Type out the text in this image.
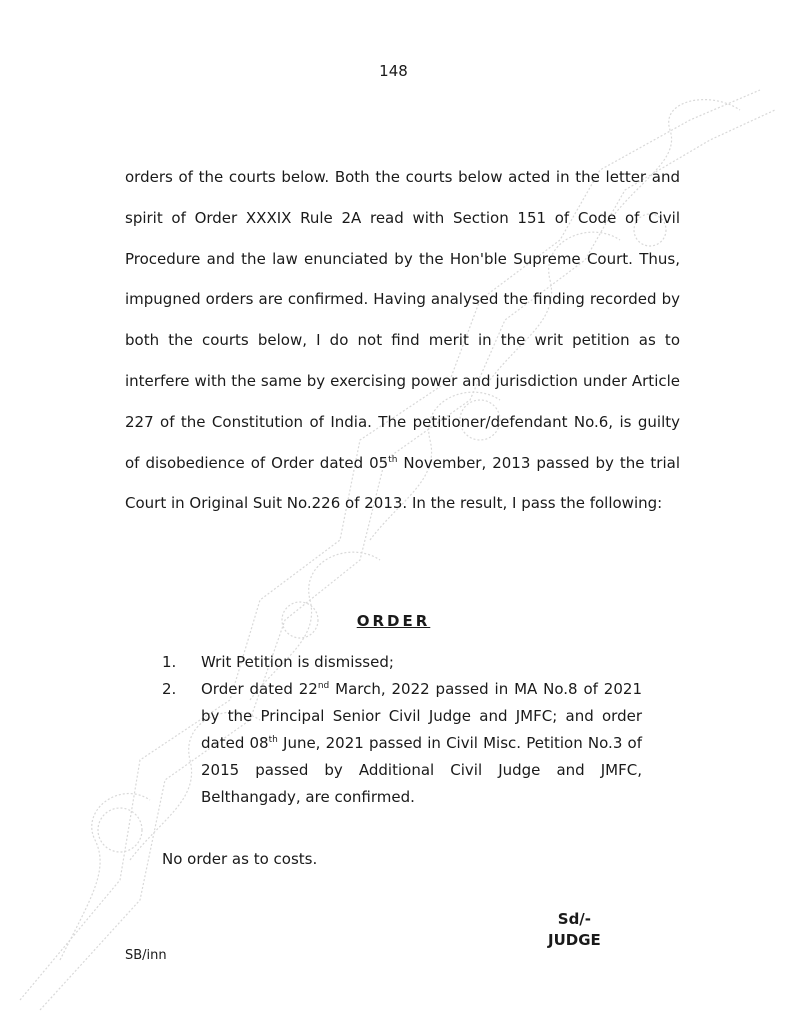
148
orders of the courts below. Both the courts below acted in the letter and spirit of Order XXXIX Rule 2A read with Section 151 of Code of Civil Procedure and the law enunciated by the Hon'ble Supreme Court. Thus, impugned orders are confirmed. Having analysed the finding recorded by both the courts below, I do not find merit in the writ petition as to interfere with the same by exercising power and jurisdiction under Article 227 of the Constitution of India. The petitioner/defendant No.6, is guilty of disobedience of Order dated 05th November, 2013 passed by the trial Court in Original Suit No.226 of 2013. In the result, I pass the following:
ORDER
1. Writ Petition is dismissed;
2. Order dated 22nd March, 2022 passed in MA No.8 of 2021 by the Principal Senior Civil Judge and JMFC; and order dated 08th June, 2021 passed in Civil Misc. Petition No.3 of 2015 passed by Additional Civil Judge and JMFC, Belthangady, are confirmed.
No order as to costs.
Sd/-
JUDGE
SB/inn
